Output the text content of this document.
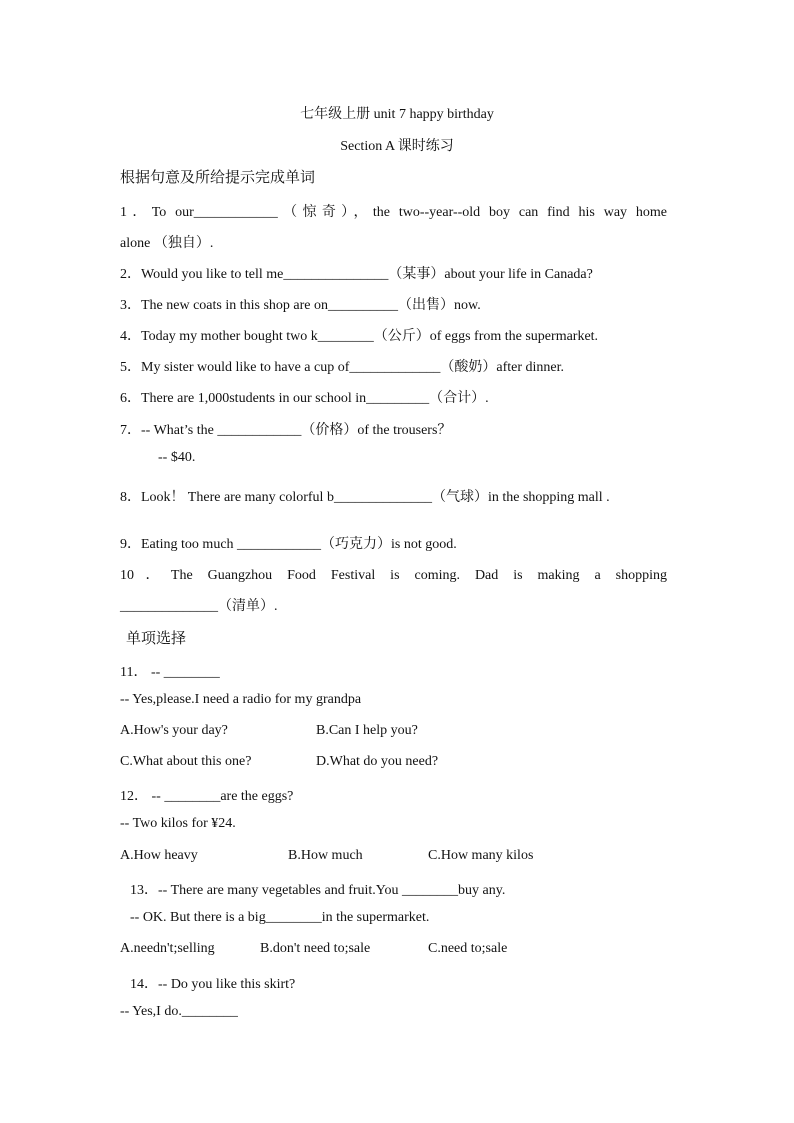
七年级上册 unit 7 happy birthday
Section A 课时练习
根据句意及所给提示完成单词
1．To our____________（惊奇），the two--year--old boy can find his way home
alone （独自）.
2．Would you like to tell me_______________（某事）about your life in Canada?
3．The new coats in this shop are on__________（出售）now.
4．Today my mother bought two k________（公斤）of eggs from the supermarket.
5．My sister would like to have a cup of_____________（酸奶）after dinner.
6．There are 1,000students in our school in_________（合计）.
7．-- What’s the ____________（价格）of the trousers？
-- $40.
8．Look！ There are many colorful b______________（气球）in the shopping mall .
9．Eating too much ____________（巧克力）is not good.
10．The Guangzhou Food Festival is coming. Dad is making a shopping
______________（清单）.
单项选择
11． -- ________
-- Yes,please.I need a radio for my grandpa
A.How's your day?	B.Can I help you?
C.What about this one?	D.What do you need?
12． -- ________are the eggs?
-- Two kilos for ¥24.
A.How heavy	B.How much	C.How many kilos
13．-- There are many vegetables and fruit.You ________buy any.
-- OK. But there is a big________in the supermarket.
A.needn't;selling	B.don't need to;sale	C.need to;sale
14．-- Do you like this skirt?
-- Yes,I do.________
